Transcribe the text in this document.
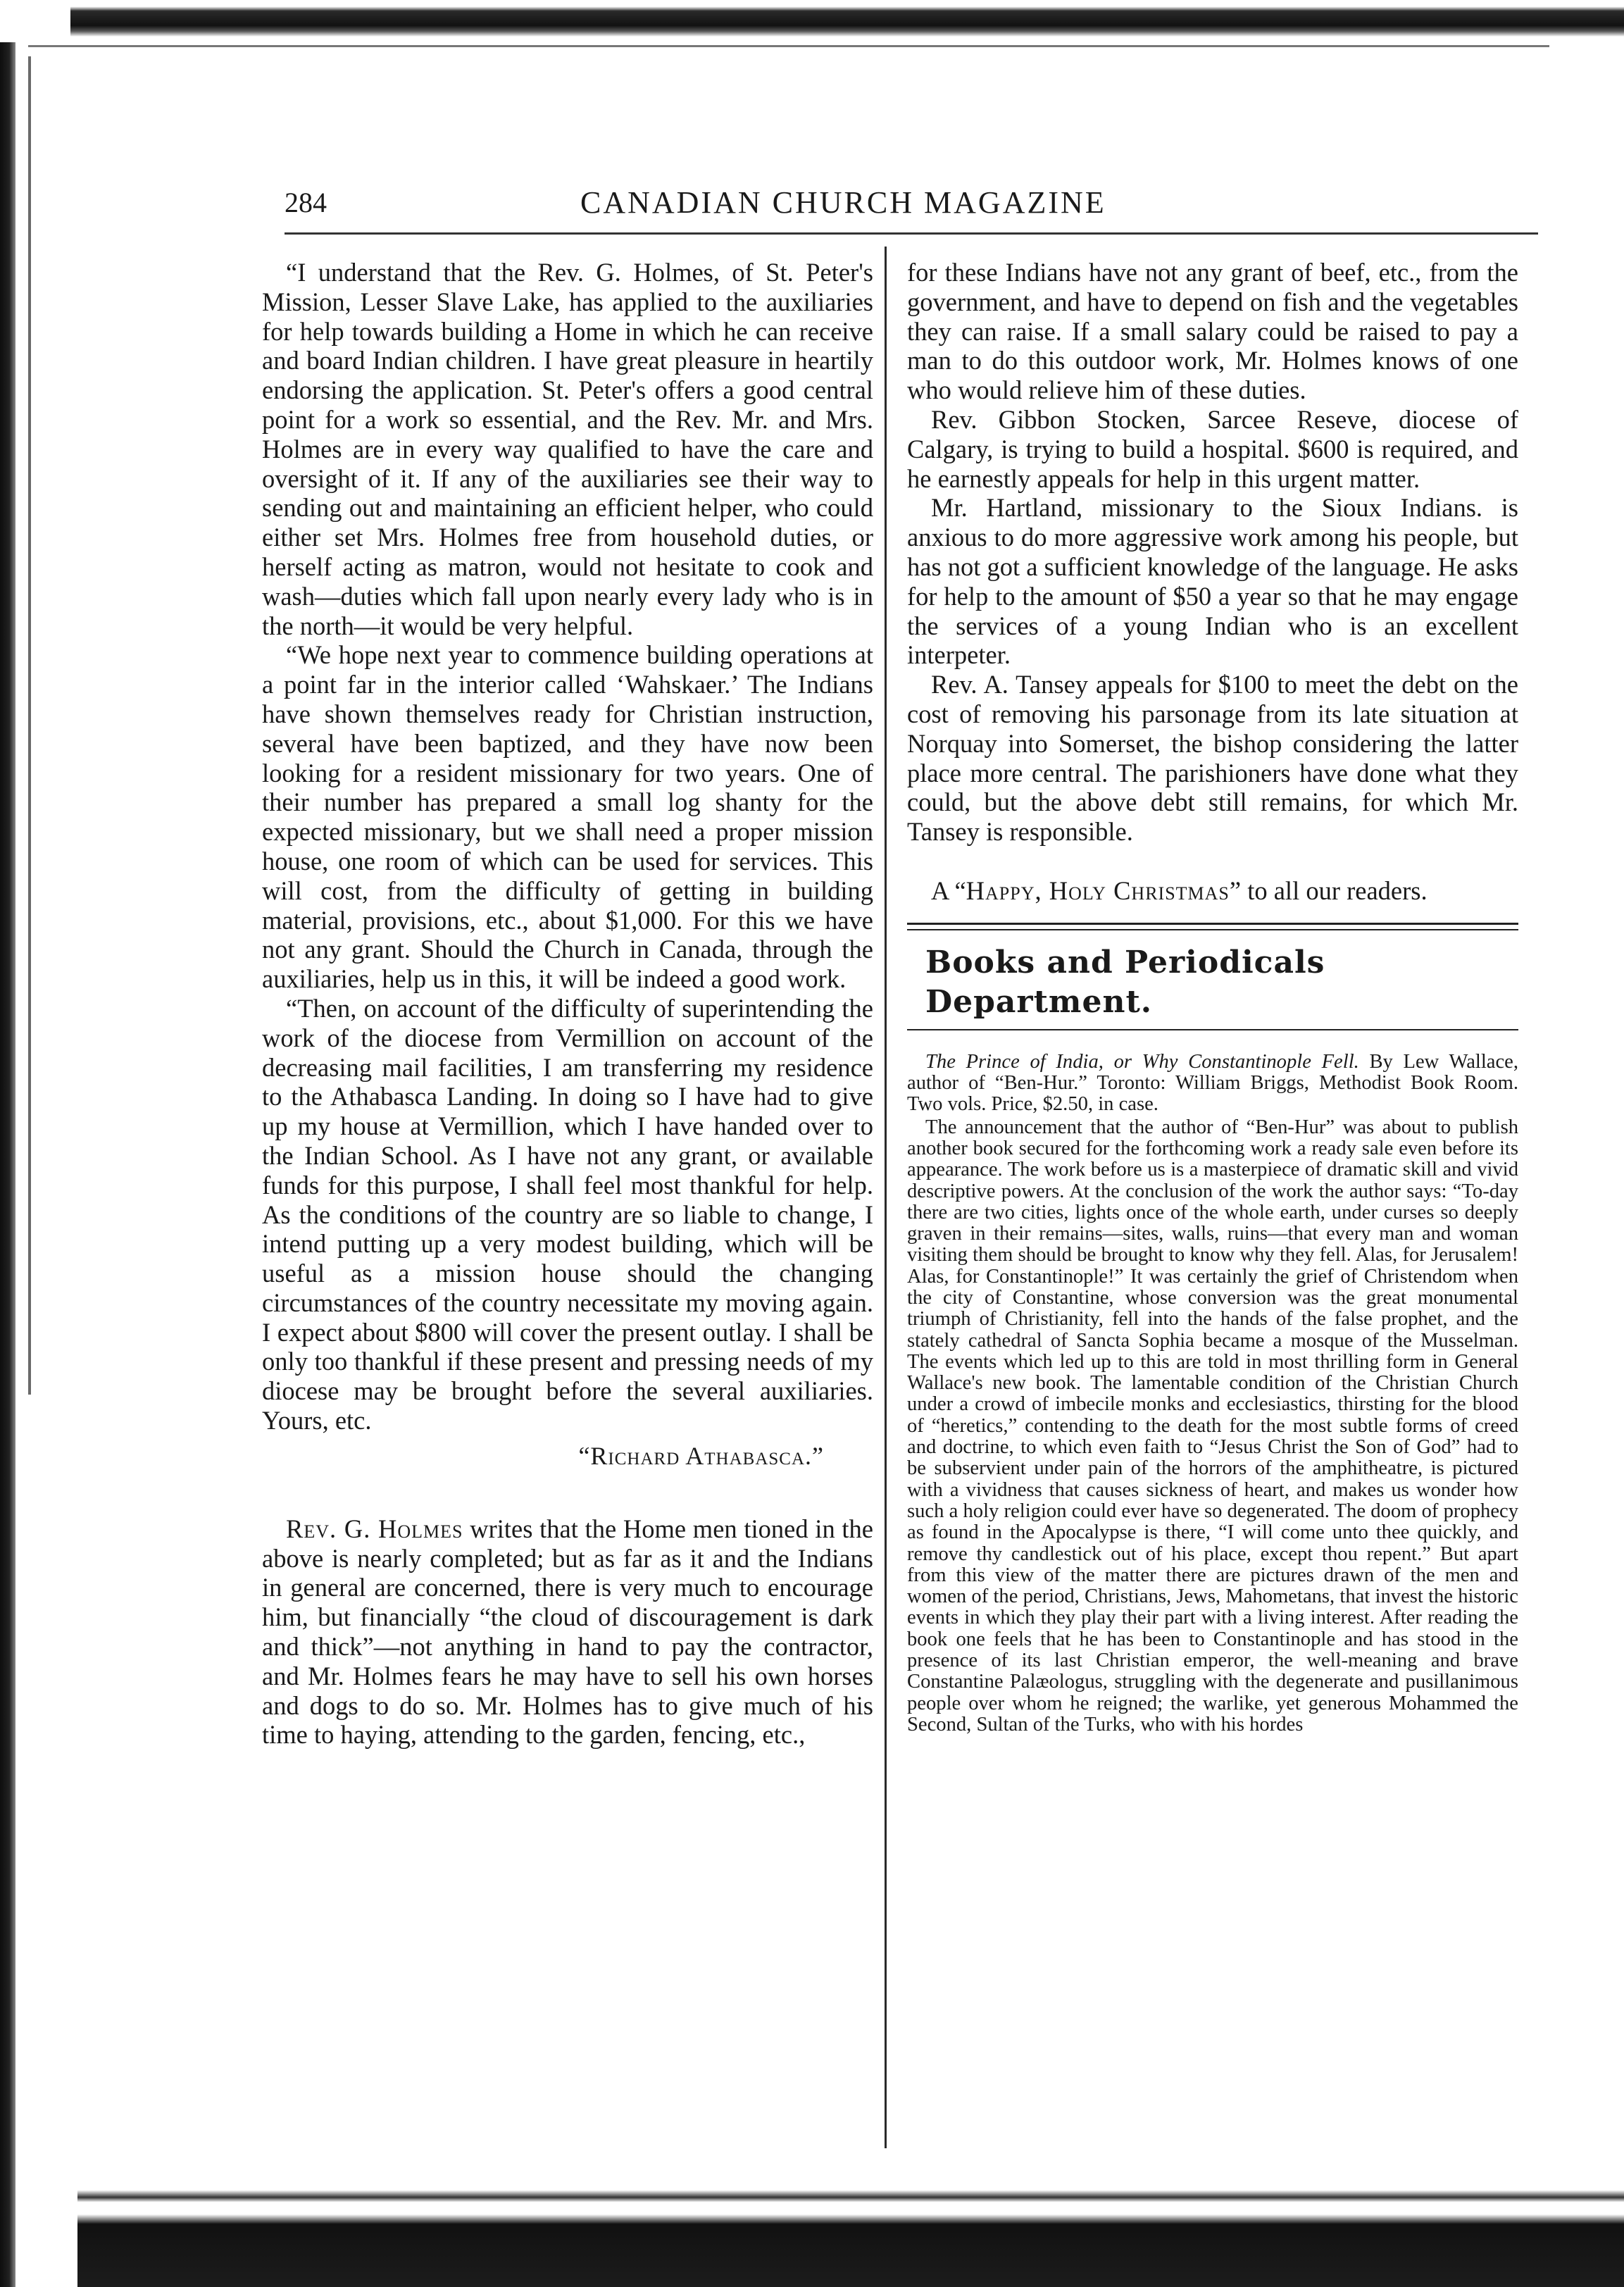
284	CANADIAN CHURCH MAGAZINE

“I understand that the Rev. G. Holmes, of St. Peter's Mission, Lesser Slave Lake, has applied to the auxiliaries for help towards building a Home in which he can receive and board Indian children. I have great pleasure in heartily endorsing the application. St. Peter's offers a good central point for a work so essential, and the Rev. Mr. and Mrs. Holmes are in every way qualified to have the care and oversight of it. If any of the auxiliaries see their way to sending out and maintaining an efficient helper, who could either set Mrs. Holmes free from household duties, or herself acting as matron, would not hesitate to cook and wash—duties which fall upon nearly every lady who is in the north—it would be very helpful.

“We hope next year to commence building operations at a point far in the interior called ‘Wahskaer.’ The Indians have shown themselves ready for Christian instruction, several have been baptized, and they have now been looking for a resident missionary for two years. One of their number has prepared a small log shanty for the expected missionary, but we shall need a proper mission house, one room of which can be used for services. This will cost, from the difficulty of getting in building material, provisions, etc., about $1,000. For this we have not any grant. Should the Church in Canada, through the auxiliaries, help us in this, it will be indeed a good work.

“Then, on account of the difficulty of superintending the work of the diocese from Vermillion on account of the decreasing mail facilities, I am transferring my residence to the Athabasca Landing. In doing so I have had to give up my house at Vermillion, which I have handed over to the Indian School. As I have not any grant, or available funds for this purpose, I shall feel most thankful for help. As the conditions of the country are so liable to change, I intend putting up a very modest building, which will be useful as a mission house should the changing circumstances of the country necessitate my moving again. I expect about $800 will cover the present outlay. I shall be only too thankful if these present and pressing needs of my diocese may be brought before the several auxiliaries. Yours, etc.

“Richard Athabasca.”

Rev. G. Holmes writes that the Home men tioned in the above is nearly completed; but as far as it and the Indians in general are concerned, there is very much to encourage him, but financially “the cloud of discouragement is dark and thick”—not anything in hand to pay the contractor, and Mr. Holmes fears he may have to sell his own horses and dogs to do so. Mr. Holmes has to give much of his time to haying, attending to the garden, fencing, etc.,

for these Indians have not any grant of beef, etc., from the government, and have to depend on fish and the vegetables they can raise. If a small salary could be raised to pay a man to do this outdoor work, Mr. Holmes knows of one who would relieve him of these duties.

Rev. Gibbon Stocken, Sarcee Reseve, diocese of Calgary, is trying to build a hospital. $600 is required, and he earnestly appeals for help in this urgent matter.

Mr. Hartland, missionary to the Sioux Indians. is anxious to do more aggressive work among his people, but has not got a sufficient knowledge of the language. He asks for help to the amount of $50 a year so that he may engage the services of a young Indian who is an excellent interpeter.

Rev. A. Tansey appeals for $100 to meet the debt on the cost of removing his parsonage from its late situation at Norquay into Somerset, the bishop considering the latter place more central. The parishioners have done what they could, but the above debt still remains, for which Mr. Tansey is responsible.

A “Happy, Holy Christmas” to all our readers.

Books and Periodicals Department.

The Prince of India, or Why Constantinople Fell. By Lew Wallace, author of “Ben-Hur.” Toronto: William Briggs, Methodist Book Room. Two vols. Price, $2.50, in case.

The announcement that the author of “Ben-Hur” was about to publish another book secured for the forthcoming work a ready sale even before its appearance. The work before us is a masterpiece of dramatic skill and vivid descriptive powers. At the conclusion of the work the author says: “To-day there are two cities, lights once of the whole earth, under curses so deeply graven in their remains—sites, walls, ruins—that every man and woman visiting them should be brought to know why they fell. Alas, for Jerusalem! Alas, for Constantinople!” It was certainly the grief of Christendom when the city of Constantine, whose conversion was the great monumental triumph of Christianity, fell into the hands of the false prophet, and the stately cathedral of Sancta Sophia became a mosque of the Musselman. The events which led up to this are told in most thrilling form in General Wallace's new book. The lamentable condition of the Christian Church under a crowd of imbecile monks and ecclesiastics, thirsting for the blood of “heretics,” contending to the death for the most subtle forms of creed and doctrine, to which even faith to “Jesus Christ the Son of God” had to be subservient under pain of the horrors of the amphitheatre, is pictured with a vividness that causes sickness of heart, and makes us wonder how such a holy religion could ever have so degenerated. The doom of prophecy as found in the Apocalypse is there, “I will come unto thee quickly, and remove thy candlestick out of his place, except thou repent.” But apart from this view of the matter there are pictures drawn of the men and women of the period, Christians, Jews, Mahometans, that invest the historic events in which they play their part with a living interest. After reading the book one feels that he has been to Constantinople and has stood in the presence of its last Christian emperor, the well-meaning and brave Constantine Palæologus, struggling with the degenerate and pusillanimous people over whom he reigned; the warlike, yet generous Mohammed the Second, Sultan of the Turks, who with his hordes
